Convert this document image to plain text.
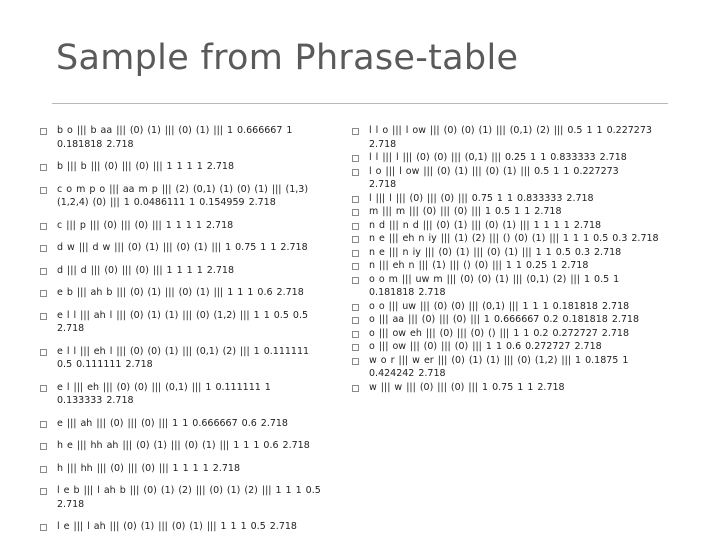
Sample from Phrase-table
b o ||| b aa ||| (0) (1) ||| (0) (1) ||| 1 0.666667 1
0.181818 2.718
b ||| b ||| (0) ||| (0) ||| 1 1 1 1 2.718
c o m p o ||| aa m p ||| (2) (0,1) (1) (0) (1) ||| (1,3)
(1,2,4) (0) ||| 1 0.0486111 1 0.154959 2.718
c ||| p ||| (0) ||| (0) ||| 1 1 1 1 2.718
d w ||| d w ||| (0) (1) ||| (0) (1) ||| 1 0.75 1 1 2.718
d ||| d ||| (0) ||| (0) ||| 1 1 1 1 2.718
e b ||| ah b ||| (0) (1) ||| (0) (1) ||| 1 1 1 0.6 2.718
e l l ||| ah l ||| (0) (1) (1) ||| (0) (1,2) ||| 1 1 0.5 0.5
2.718
e l l ||| eh l ||| (0) (0) (1) ||| (0,1) (2) ||| 1 0.111111
0.5 0.111111 2.718
e l ||| eh ||| (0) (0) ||| (0,1) ||| 1 0.111111 1
0.133333 2.718
e ||| ah ||| (0) ||| (0) ||| 1 1 0.666667 0.6 2.718
h e ||| hh ah ||| (0) (1) ||| (0) (1) ||| 1 1 1 0.6 2.718
h ||| hh ||| (0) ||| (0) ||| 1 1 1 1 2.718
l e b ||| l ah b ||| (0) (1) (2) ||| (0) (1) (2) ||| 1 1 1 0.5
2.718
l e ||| l ah ||| (0) (1) ||| (0) (1) ||| 1 1 1 0.5 2.718
l l o ||| l ow ||| (0) (0) (1) ||| (0,1) (2) ||| 0.5 1 1 0.227273
2.718
l l ||| l ||| (0) (0) ||| (0,1) ||| 0.25 1 1 0.833333 2.718
l o ||| l ow ||| (0) (1) ||| (0) (1) ||| 0.5 1 1 0.227273
2.718
l ||| l ||| (0) ||| (0) ||| 0.75 1 1 0.833333 2.718
m ||| m ||| (0) ||| (0) ||| 1 0.5 1 1 2.718
n d ||| n d ||| (0) (1) ||| (0) (1) ||| 1 1 1 1 2.718
n e ||| eh n iy ||| (1) (2) ||| () (0) (1) ||| 1 1 1 0.5 0.3 2.718
n e ||| n iy ||| (0) (1) ||| (0) (1) ||| 1 1 0.5 0.3 2.718
n ||| eh n ||| (1) ||| () (0) ||| 1 1 0.25 1 2.718
o o m ||| uw m ||| (0) (0) (1) ||| (0,1) (2) ||| 1 0.5 1
0.181818 2.718
o o ||| uw ||| (0) (0) ||| (0,1) ||| 1 1 1 0.181818 2.718
o ||| aa ||| (0) ||| (0) ||| 1 0.666667 0.2 0.181818 2.718
o ||| ow eh ||| (0) ||| (0) () ||| 1 1 0.2 0.272727 2.718
o ||| ow ||| (0) ||| (0) ||| 1 1 0.6 0.272727 2.718
w o r ||| w er ||| (0) (1) (1) ||| (0) (1,2) ||| 1 0.1875 1
0.424242 2.718
w ||| w ||| (0) ||| (0) ||| 1 0.75 1 1 2.718
